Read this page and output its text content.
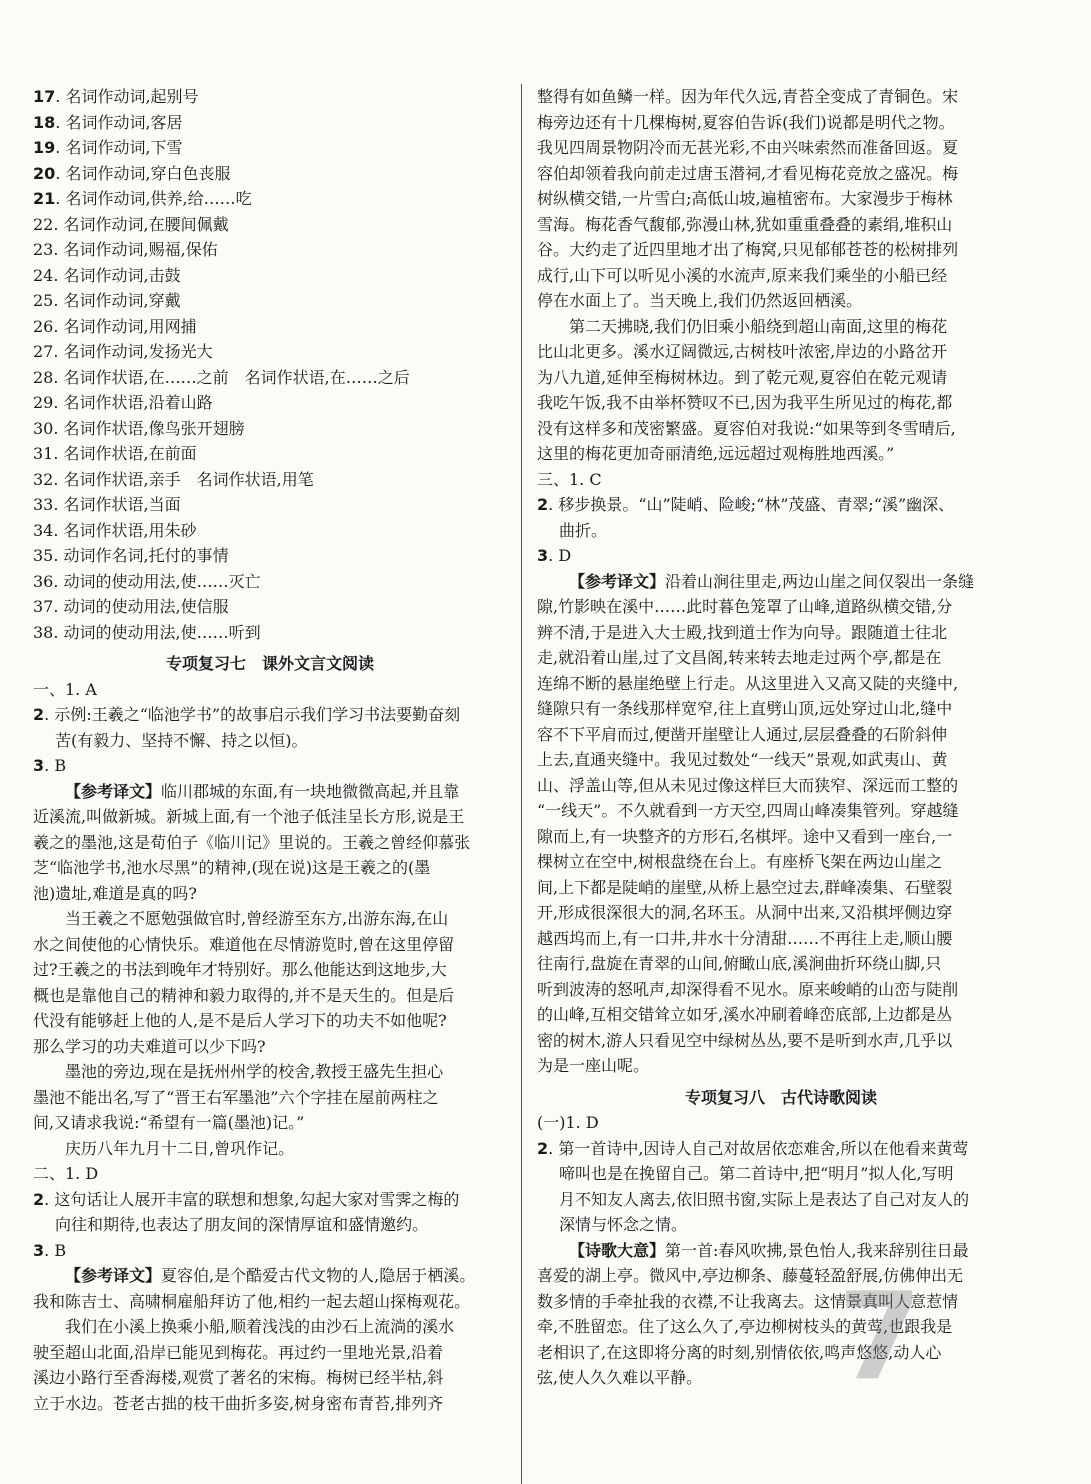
17. 名词作动词,起别号
18. 名词作动词,客居
19. 名词作动词,下雪
20. 名词作动词,穿白色丧服
21. 名词作动词,供养,给……吃
22. 名词作动词,在腰间佩戴
23. 名词作动词,赐福,保佑
24. 名词作动词,击鼓
25. 名词作动词,穿戴
26. 名词作动词,用网捕
27. 名词作动词,发扬光大
28. 名词作状语,在……之前　名词作状语,在……之后
29. 名词作状语,沿着山路
30. 名词作状语,像鸟张开翅膀
31. 名词作状语,在前面
32. 名词作状语,亲手　名词作状语,用笔
33. 名词作状语,当面
34. 名词作状语,用朱砂
35. 动词作名词,托付的事情
36. 动词的使动用法,使……灭亡
37. 动词的使动用法,使信服
38. 动词的使动用法,使……听到
专项复习七　课外文言文阅读
一、1. A
2. 示例:王羲之“临池学书”的故事启示我们学习书法要勤奋刻
苦(有毅力、坚持不懈、持之以恒)。
3. B
【参考译文】临川郡城的东面,有一块地微微高起,并且靠
近溪流,叫做新城。新城上面,有一个池子低洼呈长方形,说是王
羲之的墨池,这是荀伯子《临川记》里说的。王羲之曾经仰慕张
芝“临池学书,池水尽黑”的精神,(现在说)这是王羲之的(墨
池)遗址,难道是真的吗?
当王羲之不愿勉强做官时,曾经游至东方,出游东海,在山
水之间使他的心情快乐。难道他在尽情游览时,曾在这里停留
过?王羲之的书法到晚年才特别好。那么他能达到这地步,大
概也是靠他自己的精神和毅力取得的,并不是天生的。但是后
代没有能够赶上他的人,是不是后人学习下的功夫不如他呢?
那么学习的功夫难道可以少下吗?
墨池的旁边,现在是抚州州学的校舍,教授王盛先生担心
墨池不能出名,写了“晋王右军墨池”六个字挂在屋前两柱之
间,又请求我说:“希望有一篇(墨池)记。”
庆历八年九月十二日,曾巩作记。
二、1. D
2. 这句话让人展开丰富的联想和想象,勾起大家对雪霁之梅的
向往和期待,也表达了朋友间的深情厚谊和盛情邀约。
3. B
【参考译文】夏容伯,是个酷爱古代文物的人,隐居于栖溪。
我和陈吉士、高啸桐雇船拜访了他,相约一起去超山探梅观花。
我们在小溪上换乘小船,顺着浅浅的由沙石上流淌的溪水
驶至超山北面,沿岸已能见到梅花。再过约一里地光景,沿着
溪边小路行至香海楼,观赏了著名的宋梅。梅树已经半枯,斜
立于水边。苍老古拙的枝干曲折多姿,树身密布青苔,排列齐
整得有如鱼鳞一样。因为年代久远,青苔全变成了青铜色。宋
梅旁边还有十几棵梅树,夏容伯告诉(我们)说都是明代之物。
我见四周景物阴冷而无甚光彩,不由兴味索然而准备回返。夏
容伯却领着我向前走过唐玉潜祠,才看见梅花竞放之盛况。梅
树纵横交错,一片雪白;高低山坡,遍植密布。大家漫步于梅林
雪海。梅花香气馥郁,弥漫山林,犹如重重叠叠的素绢,堆积山
谷。大约走了近四里地才出了梅窝,只见郁郁苍苍的松树排列
成行,山下可以听见小溪的水流声,原来我们乘坐的小船已经
停在水面上了。当天晚上,我们仍然返回栖溪。
第二天拂晓,我们仍旧乘小船绕到超山南面,这里的梅花
比山北更多。溪水辽阔微远,古树枝叶浓密,岸边的小路岔开
为八九道,延伸至梅树林边。到了乾元观,夏容伯在乾元观请
我吃午饭,我不由举杯赞叹不已,因为我平生所见过的梅花,都
没有这样多和茂密繁盛。夏容伯对我说:“如果等到冬雪晴后,
这里的梅花更加奇丽清绝,远远超过观梅胜地西溪。”
三、1. C
2. 移步换景。“山”陡峭、险峻;“林”茂盛、青翠;“溪”幽深、
曲折。
3. D
【参考译文】沿着山涧往里走,两边山崖之间仅裂出一条缝
隙,竹影映在溪中……此时暮色笼罩了山峰,道路纵横交错,分
辨不清,于是进入大士殿,找到道士作为向导。跟随道士往北
走,就沿着山崖,过了文昌阁,转来转去地走过两个亭,都是在
连绵不断的悬崖绝壁上行走。从这里进入又高又陡的夹缝中,
缝隙只有一条线那样宽窄,往上直劈山顶,远处穿过山北,缝中
容不下平肩而过,便凿开崖壁让人通过,层层叠叠的石阶斜伸
上去,直通夹缝中。我见过数处“一线天”景观,如武夷山、黄
山、浮盖山等,但从未见过像这样巨大而狭窄、深远而工整的
“一线天”。不久就看到一方天空,四周山峰凑集管列。穿越缝
隙而上,有一块整齐的方形石,名棋坪。途中又看到一座台,一
棵树立在空中,树根盘绕在台上。有座桥飞架在两边山崖之
间,上下都是陡峭的崖壁,从桥上悬空过去,群峰凑集、石壁裂
开,形成很深很大的洞,名环玉。从洞中出来,又沿棋坪侧边穿
越西坞而上,有一口井,井水十分清甜……不再往上走,顺山腰
往南行,盘旋在青翠的山间,俯瞰山底,溪涧曲折环绕山脚,只
听到波涛的怒吼声,却深得看不见水。原来峻峭的山峦与陡削
的山峰,互相交错耸立如牙,溪水冲刷着峰峦底部,上边都是丛
密的树木,游人只看见空中绿树丛丛,要不是听到水声,几乎以
为是一座山呢。
专项复习八　古代诗歌阅读
(一)1. D
2. 第一首诗中,因诗人自己对故居依恋难舍,所以在他看来黄莺
啼叫也是在挽留自己。第二首诗中,把“明月”拟人化,写明
月不知友人离去,依旧照书窗,实际上是表达了自己对友人的
深情与怀念之情。
【诗歌大意】第一首:春风吹拂,景色怡人,我来辞别往日最
喜爱的湖上亭。微风中,亭边柳条、藤蔓轻盈舒展,仿佛伸出无
数多情的手牵扯我的衣襟,不让我离去。这情景真叫人意惹情
牵,不胜留恋。住了这么久了,亭边柳树枝头的黄莺,也跟我是
老相识了,在这即将分离的时刻,别情依依,鸣声悠悠,动人心
弦,使人久久难以平静。	7
